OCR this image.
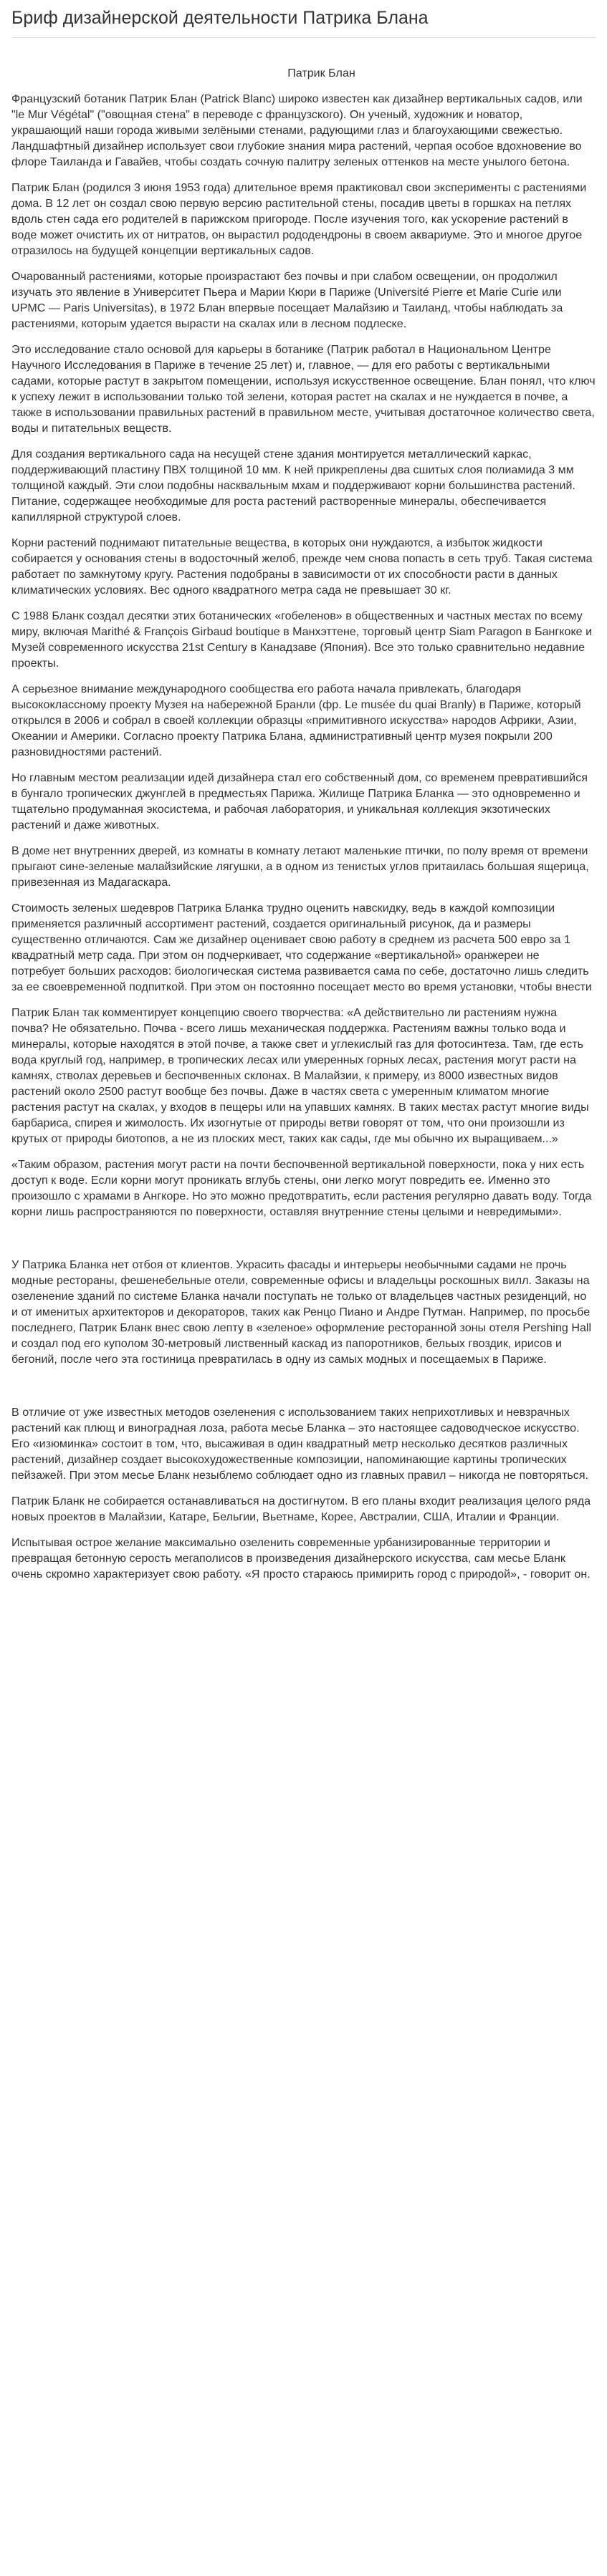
Бриф дизайнерской деятельности Патрика Блана
Патрик Блан

Французский ботаник Патрик Блан (Patrick Blanc) широко известен как дизайнер вертикальных садов, или "le Mur Végétal" ("овощная стена" в переводе с французского). Он ученый, художник и новатор, украшающий наши города живыми зелёными стенами, радующими глаз и благоухающими свежестью. Ландшафтный дизайнер использует свои глубокие знания мира растений, черпая особое вдохновение во флоре Таиланда и Гавайев, чтобы создать сочную палитру зеленых оттенков на месте унылого бетона.

Патрик Блан (родился 3 июня 1953 года) длительное время практиковал свои эксперименты с растениями дома. В 12 лет он создал свою первую версию растительной стены, посадив цветы в горшках на петлях вдоль стен сада его родителей в парижском пригороде. После изучения того, как ускорение растений в воде может очистить их от нитратов, он вырастил рододендроны в своем аквариуме. Это и многое другое отразилось на будущей концепции вертикальных садов.

Очарованный растениями, которые произрастают без почвы и при слабом освещении, он продолжил изучать это явление в Университет Пьера и Марии Кюри в Париже (Université Pierre et Marie Curie или UPMC — Paris Universitas), в 1972 Блан впервые посещает Малайзию и Таиланд, чтобы наблюдать за растениями, которым удается вырасти на скалах или в лесном подлеске.

Это исследование стало основой для карьеры в ботанике (Патрик работал в Национальном Центре Научного Исследования в Париже в течение 25 лет) и, главное, — для его работы с вертикальными садами, которые растут в закрытом помещении, используя искусственное освещение. Блан понял, что ключ к успеху лежит в использовании только той зелени, которая растет на скалах и не нуждается в почве, а также в использовании правильных растений в правильном месте, учитывая достаточное количество света, воды и питательных веществ.

Для создания вертикального сада на несущей стене здания монтируется металлический каркас, поддерживающий пластину ПВХ толщиной 10 мм. К ней прикреплены два сшитых слоя полиамида 3 мм толщиной каждый. Эти слои подобны насквальным мхам и поддерживают корни большинства растений. Питание, содержащее необходимые для роста растений растворенные минералы, обеспечивается капиллярной структурой слоев.

Корни растений поднимают питательные вещества, в которых они нуждаются, а избыток жидкости собирается у основания стены в водосточный желоб, прежде чем снова попасть в сеть труб. Такая система работает по замкнутому кругу. Растения подобраны в зависимости от их способности расти в данных климатических условиях. Вес одного квадратного метра сада не превышает 30 кг.

С 1988 Бланк создал десятки этих ботанических «гобеленов» в общественных и частных местах по всему миру, включая Marithé & François Girbaud boutique в Манхэттене, торговый центр Siam Paragon в Бангкоке и Музей современного искусства 21st Century в Канадзаве (Япония). Все это только сравнительно недавние проекты.

А серьезное внимание международного сообщества его работа начала привлекать, благодаря высококлассному проекту Музея на набережной Бранли (фр. Le musée du quai Branly) в Париже, который открылся в 2006 и собрал в своей коллекции образцы «примитивного искусства» народов Африки, Азии, Океании и Америки. Согласно проекту Патрика Блана, административный центр музея покрыли 200 разновидностями растений.

Но главным местом реализации идей дизайнера стал его собственный дом, со временем превратившийся в бунгало тропических джунглей в предместьях Парижа. Жилище Патрика Бланка — это одновременно и тщательно продуманная экосистема, и рабочая лаборатория, и уникальная коллекция экзотических растений и даже животных.

В доме нет внутренних дверей, из комнаты в комнату летают маленькие птички, по полу время от времени прыгают сине-зеленые малайзийские лягушки, а в одном из тенистых углов притаилась большая ящерица, привезенная из Мадагаскара.

Стоимость зеленых шедевров Патрика Бланка трудно оценить навскидку, ведь в каждой композиции применяется различный ассортимент растений, создается оригинальный рисунок, да и размеры существенно отличаются. Сам же дизайнер оценивает свою работу в среднем из расчета 500 евро за 1 квадратный метр сада. При этом он подчеркивает, что содержание «вертикальной» оранжереи не потребует больших расходов: биологическая система развивается сама по себе, достаточно лишь следить за ее своевременной подпиткой. При этом он постоянно посещает место во время установки, чтобы внести

Патрик Блан так комментирует концепцию своего творчества: «А действительно ли растениям нужна почва? Не обязательно. Почва - всего лишь механическая поддержка. Растениям важны только вода и минералы, которые находятся в этой почве, а также свет и углекислый газ для фотосинтеза. Там, где есть вода круглый год, например, в тропических лесах или умеренных горных лесах, растения могут расти на камнях, стволах деревьев и беспочвенных склонах. В Малайзии, к примеру, из 8000 известных видов растений около 2500 растут вообще без почвы. Даже в частях света с умеренным климатом многие растения растут на скалах, у входов в пещеры или на упавших камнях. В таких местах растут многие виды барбариса, спирея и жимолость. Их изогнутые от природы ветви говорят от том, что они произошли из крутых от природы биотопов, а не из плоских мест, таких как сады, где мы обычно их выращиваем...»

«Таким образом, растения могут расти на почти беспочвенной вертикальной поверхности, пока у них есть доступ к воде. Если корни могут проникать вглубь стены, они легко могут повредить ее. Именно это произошло с храмами в Ангкоре. Но это можно предотвратить, если растения регулярно давать воду. Тогда корни лишь распространяются по поверхности, оставляя внутренние стены целыми и невредимыми».

У Патрика Бланка нет отбоя от клиентов. Украсить фасады и интерьеры необычными садами не прочь модные рестораны, фешенебельные отели, современные офисы и владельцы роскошных вилл. Заказы на озеленение зданий по системе Бланка начали поступать не только от владельцев частных резиденций, но и от именитых архитекторов и декораторов, таких как Ренцо Пиано и Андре Путман. Например, по просьбе последнего, Патрик Бланк внес свою лепту в «зеленое» оформление ресторанной зоны отеля Pershing Hall и создал под его куполом 30-метровый лиственный каскад из папоротников, бельых гвоздик, ирисов и бегоний, после чего эта гостиница превратилась в одну из самых модных и посещаемых в Париже.

В отличие от уже известных методов озеленения с использованием таких неприхотливых и невзрачных растений как плющ и виноградная лоза, работа месье Бланка – это настоящее садоводческое искусство. Его «изюминка» состоит в том, что, высаживая в один квадратный метр несколько десятков различных растений, дизайнер создает высокохудожественные композиции, напоминающие картины тропических пейзажей. При этом месье Бланк незыблемо соблюдает одно из главных правил – никогда не повторяться.

Патрик Бланк не собирается останавливаться на достигнутом. В его планы входит реализация целого ряда новых проектов в Малайзии, Катаре, Бельгии, Вьетнаме, Корее, Австралии, США, Италии и Франции.

Испытывая острое желание максимально озеленить современные урбанизированные территории и превращая бетонную серость мегаполисов в произведения дизайнерского искусства, сам месье Бланк очень скромно характеризует свою работу. «Я просто стараюсь примирить город с природой», - говорит он.
